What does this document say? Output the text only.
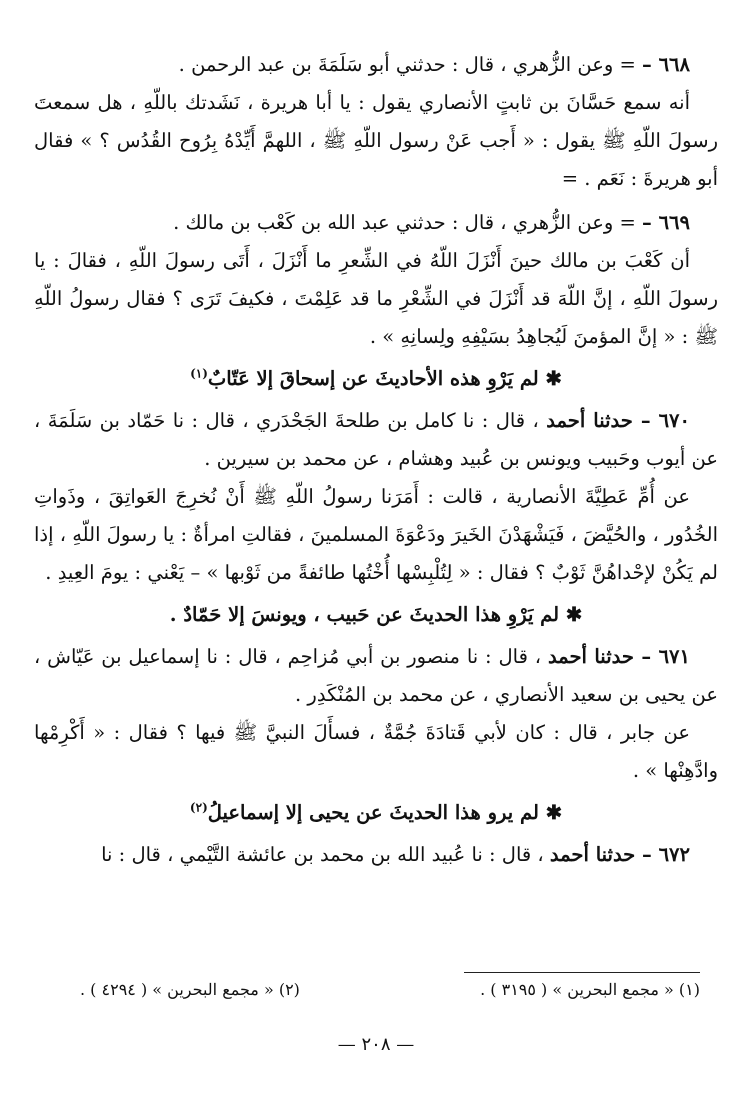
٦٦٨ – = وعن الزُّهري ، قال : حدثني أبو سَلَمَةَ بن عبد الرحمن .

أنه سمع حَسَّانَ بن ثابتٍ الأنصاري يقول : يا أبا هريرة ، نَشَدتك باللّهِ ، هل سمعتَ رسولَ اللّهِ ﷺ يقول : « أَجب عَنْ رسول اللّهِ ﷺ ، اللهمَّ أَيِّدْهُ بِرُوح القُدُس ؟ » فقال أبو هريرةَ : نَعَم . =

٦٦٩ – = وعن الزُّهري ، قال : حدثني عبد الله بن كَعْب بن مالك .

أن كَعْبَ بن مالك حينَ أَنْزَلَ اللّهُ في الشِّعرِ ما أَنْزَلَ ، أَتَى رسولَ اللّهِ ، فقالَ : يا رسولَ اللّهِ ، إنَّ اللّهَ قد أَنْزَلَ في الشِّعْرِ ما قد عَلِمْتَ ، فكيفَ تَرَى ؟ فقال رسولُ اللّهِ ﷺ : « إنَّ المؤمنَ لَيُجاهِدُ بسَيْفِهِ ولِسانِهِ » .

✱ لم يَرْوِ هذه الأحاديثَ عن إسحاقَ إلا عَتّابٌ$^{(١)}$

٦٧٠ – حدثنا أحمد ، قال : نا كامل بن طلحةَ الجَحْدَري ، قال : نا حَمّاد بن سَلَمَةَ ، عن أيوب وحَبيب ويونس بن عُبيد وهشام ، عن محمد بن سيرين .

عن أُمِّ عَطِيَّةَ الأنصارية ، قالت : أَمَرَنا رسولُ اللّهِ ﷺ أَنْ نُخرِجَ العَواتِقَ ، وذَواتِ الخُدُور ، والحُيَّضَ ، فَيَشْهَدْنَ الخَيرَ ودَعْوَةَ المسلمينَ ، فقالتِ امرأةٌ : يا رسولَ اللّهِ ، إذا لم يَكُنْ لإحْداهُنَّ ثَوْبٌ ؟ فقال : « لِتُلْبِسْها أُخْتُها طائفةً من ثَوْبها » – يَعْني : يومَ العِيدِ .

✱ لم يَرْوِ هذا الحديثَ عن حَبيب ، ويونسَ إلا حَمّادٌ .

٦٧١ – حدثنا أحمد ، قال : نا منصور بن أبي مُزاحِم ، قال : نا إسماعيل بن عَيّاش ، عن يحيى بن سعيد الأنصاري ، عن محمد بن المُنْكَدِر .

عن جابر ، قال : كان لأبي قَتادَةَ جُمَّةٌ ، فسأَلَ النبيَّ ﷺ فيها ؟ فقال : « أَكْرِمْها وادَّهِنْها » .

✱ لم يرو هذا الحديثَ عن يحيى إلا إسماعيلُ$^{(٢)}$

٦٧٢ – حدثنا أحمد ، قال : نا عُبيد الله بن محمد بن عائشة التَّيْمي ، قال : نا

(١) « مجمع البحرين » ( ٣١٩٥ ) .
(٢) « مجمع البحرين » ( ٤٢٩٤ ) .
— ٢٠٨ —
